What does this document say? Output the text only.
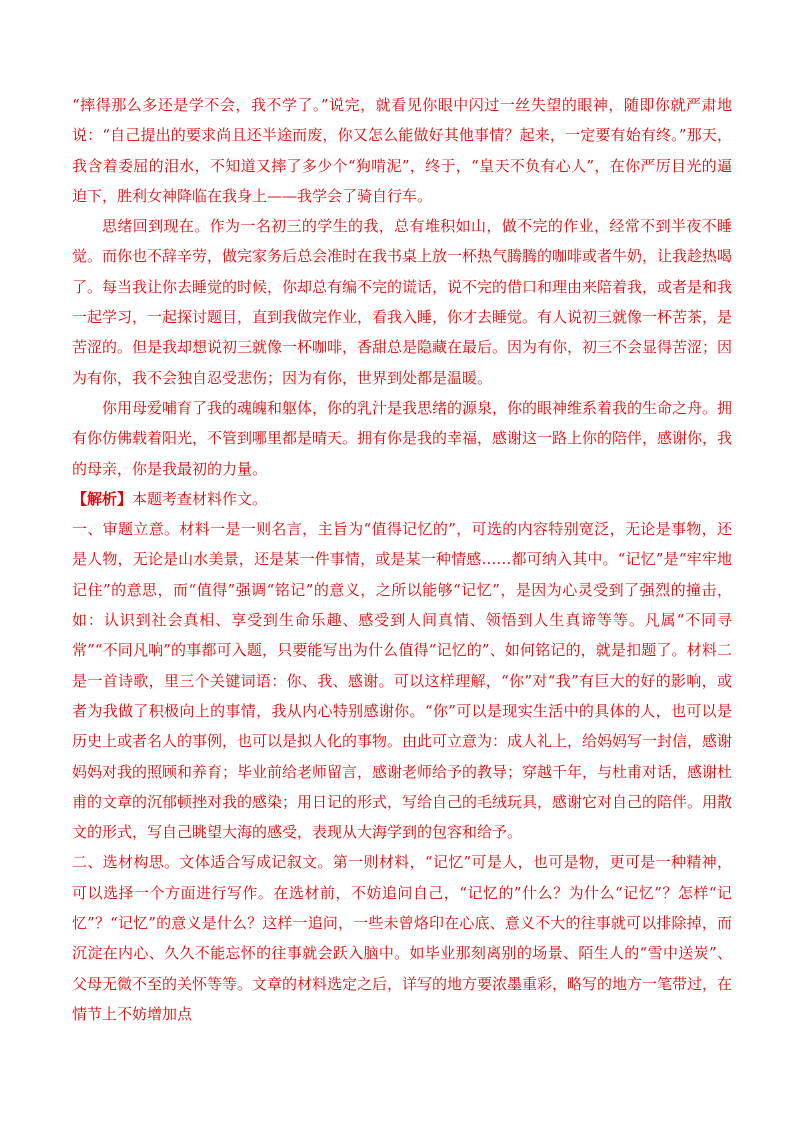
“摔得那么多还是学不会，我不学了。”说完，就看见你眼中闪过一丝失望的眼神，随即你就严肃地说：“自己提出的要求尚且还半途而废，你又怎么能做好其他事情？起来，一定要有始有终。”那天，我含着委屈的泪水，不知道又摔了多少个“狗啃泥”，终于，“皇天不负有心人”，在你严厉目光的逼迫下，胜利女神降临在我身上——我学会了骑自行车。

思绪回到现在。作为一名初三的学生的我，总有堆积如山，做不完的作业，经常不到半夜不睡觉。而你也不辞辛劳，做完家务后总会准时在我书桌上放一杯热气腾腾的咖啡或者牛奶，让我趁热喝了。每当我让你去睡觉的时候，你却总有编不完的谎话，说不完的借口和理由来陪着我，或者是和我一起学习，一起探讨题目，直到我做完作业，看我入睡，你才去睡觉。有人说初三就像一杯苦茶，是苦涩的。但是我却想说初三就像一杯咖啡，香甜总是隐藏在最后。因为有你，初三不会显得苦涩；因为有你，我不会独自忍受悲伤；因为有你，世界到处都是温暖。

你用母爱哺育了我的魂魄和躯体，你的乳汁是我思绪的源泉，你的眼神维系着我的生命之舟。拥有你仿佛载着阳光，不管到哪里都是晴天。拥有你是我的幸福，感谢这一路上你的陪伴，感谢你，我的母亲，你是我最初的力量。

【解析】本题考查材料作文。

一、审题立意。材料一是一则名言，主旨为“值得记忆的”，可选的内容特别宽泛，无论是事物，还是人物，无论是山水美景，还是某一件事情，或是某一种情感……都可纳入其中。“记忆”是“牢牢地记住”的意思，而“值得”强调“铭记”的意义，之所以能够“记忆”，是因为心灵受到了强烈的撞击，如：认识到社会真相、享受到生命乐趣、感受到人间真情、领悟到人生真谛等等。凡属“不同寻常”“不同凡响”的事都可入题，只要能写出为什么值得“记忆的”、如何铭记的，就是扣题了。材料二是一首诗歌，里三个关键词语：你、我、感谢。可以这样理解，“你”对“我”有巨大的好的影响，或者为我做了积极向上的事情，我从内心特别感谢你。“你”可以是现实生活中的具体的人，也可以是历史上或者名人的事例，也可以是拟人化的事物。由此可立意为：成人礼上，给妈妈写一封信，感谢妈妈对我的照顾和养育；毕业前给老师留言，感谢老师给予的教导；穿越千年，与杜甫对话，感谢杜甫的文章的沉郁顿挫对我的感染；用日记的形式，写给自己的毛绒玩具，感谢它对自己的陪伴。用散文的形式，写自己眺望大海的感受，表现从大海学到的包容和给予。

二、选材构思。文体适合写成记叙文。第一则材料，“记忆”可是人，也可是物，更可是一种精神，可以选择一个方面进行写作。在选材前，不妨追问自己，“记忆的”什么？为什么“记忆”？怎样“记忆”？“记忆”的意义是什么？这样一追问，一些未曾烙印在心底、意义不大的往事就可以排除掉，而沉淀在内心、久久不能忘怀的往事就会跃入脑中。如毕业那刻离别的场景、陌生人的“雪中送炭”、父母无微不至的关怀等等。文章的材料选定之后，详写的地方要浓墨重彩，略写的地方一笔带过，在情节上不妨增加点
